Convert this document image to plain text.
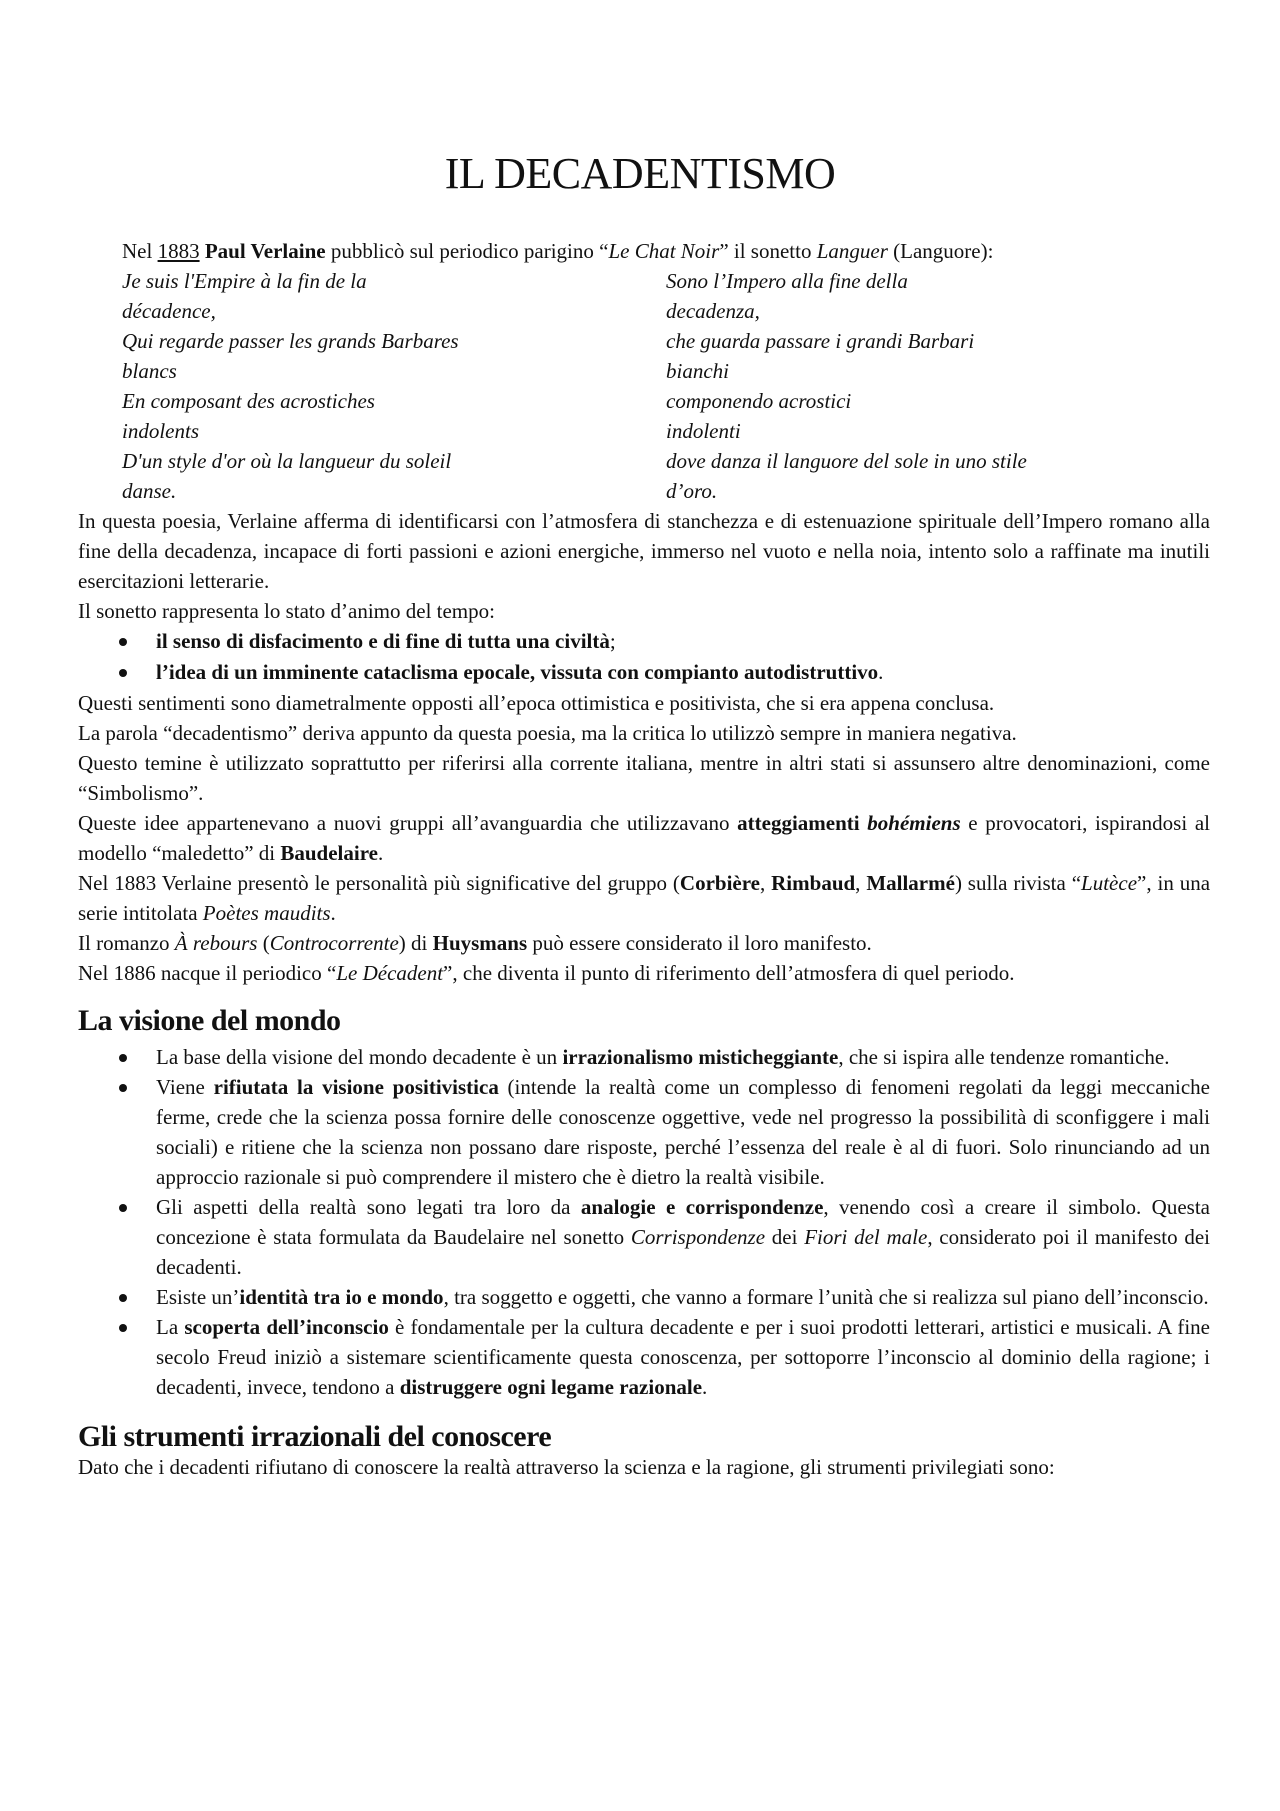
IL DECADENTISMO

Nel 1883 Paul Verlaine pubblicò sul periodico parigino “Le Chat Noir” il sonetto Languer (Languore):

Je suis l'Empire à la fin de la

décadence,

Qui regarde passer les grands Barbares

blancs

En composant des acrostiches

indolents

D'un style d'or où la langueur du soleil

danse.

Sono l’Impero alla fine della

decadenza,

che guarda passare i grandi Barbari

bianchi

componendo acrostici

indolenti

dove danza il languore del sole in uno stile

d’oro.

In questa poesia, Verlaine afferma di identificarsi con l’atmosfera di stanchezza e di estenuazione spirituale dell’Impero romano alla fine della decadenza, incapace di forti passioni e azioni energiche, immerso nel vuoto e nella noia, intento solo a raffinate ma inutili esercitazioni letterarie.

Il sonetto rappresenta lo stato d’animo del tempo:

il senso di disfacimento e di fine di tutta una civiltà;
l’idea di un imminente cataclisma epocale, vissuta con compianto autodistruttivo.

Questi sentimenti sono diametralmente opposti all’epoca ottimistica e positivista, che si era appena conclusa.

La parola “decadentismo” deriva appunto da questa poesia, ma la critica lo utilizzò sempre in maniera negativa.

Questo temine è utilizzato soprattutto per riferirsi alla corrente italiana, mentre in altri stati si assunsero altre denominazioni, come “Simbolismo”.

Queste idee appartenevano a nuovi gruppi all’avanguardia che utilizzavano atteggiamenti bohémiens e provocatori, ispirandosi al modello “maledetto” di Baudelaire.

Nel 1883 Verlaine presentò le personalità più significative del gruppo (Corbière, Rimbaud, Mallarmé) sulla rivista “Lutèce”, in una serie intitolata Poètes maudits.

Il romanzo À rebours (Controcorrente) di Huysmans può essere considerato il loro manifesto.

Nel 1886 nacque il periodico “Le Décadent”, che diventa il punto di riferimento dell’atmosfera di quel periodo.

La visione del mondo
La base della visione del mondo decadente è un irrazionalismo misticheggiante, che si ispira alle tendenze romantiche.
Viene rifiutata la visione positivistica (intende la realtà come un complesso di fenomeni regolati da leggi meccaniche ferme, crede che la scienza possa fornire delle conoscenze oggettive, vede nel progresso la possibilità di sconfiggere i mali sociali) e ritiene che la scienza non possano dare risposte, perché l’essenza del reale è al di fuori. Solo rinunciando ad un approccio razionale si può comprendere il mistero che è dietro la realtà visibile.
Gli aspetti della realtà sono legati tra loro da analogie e corrispondenze, venendo così a creare il simbolo. Questa concezione è stata formulata da Baudelaire nel sonetto Corrispondenze dei Fiori del male, considerato poi il manifesto dei decadenti.
Esiste un’identità tra io e mondo, tra soggetto e oggetti, che vanno a formare l’unità che si realizza sul piano dell’inconscio.
La scoperta dell’inconscio è fondamentale per la cultura decadente e per i suoi prodotti letterari, artistici e musicali. A fine secolo Freud iniziò a sistemare scientificamente questa conoscenza, per sottoporre l’inconscio al dominio della ragione; i decadenti, invece, tendono a distruggere ogni legame razionale.
Gli strumenti irrazionali del conoscere

Dato che i decadenti rifiutano di conoscere la realtà attraverso la scienza e la ragione, gli strumenti privilegiati sono:
